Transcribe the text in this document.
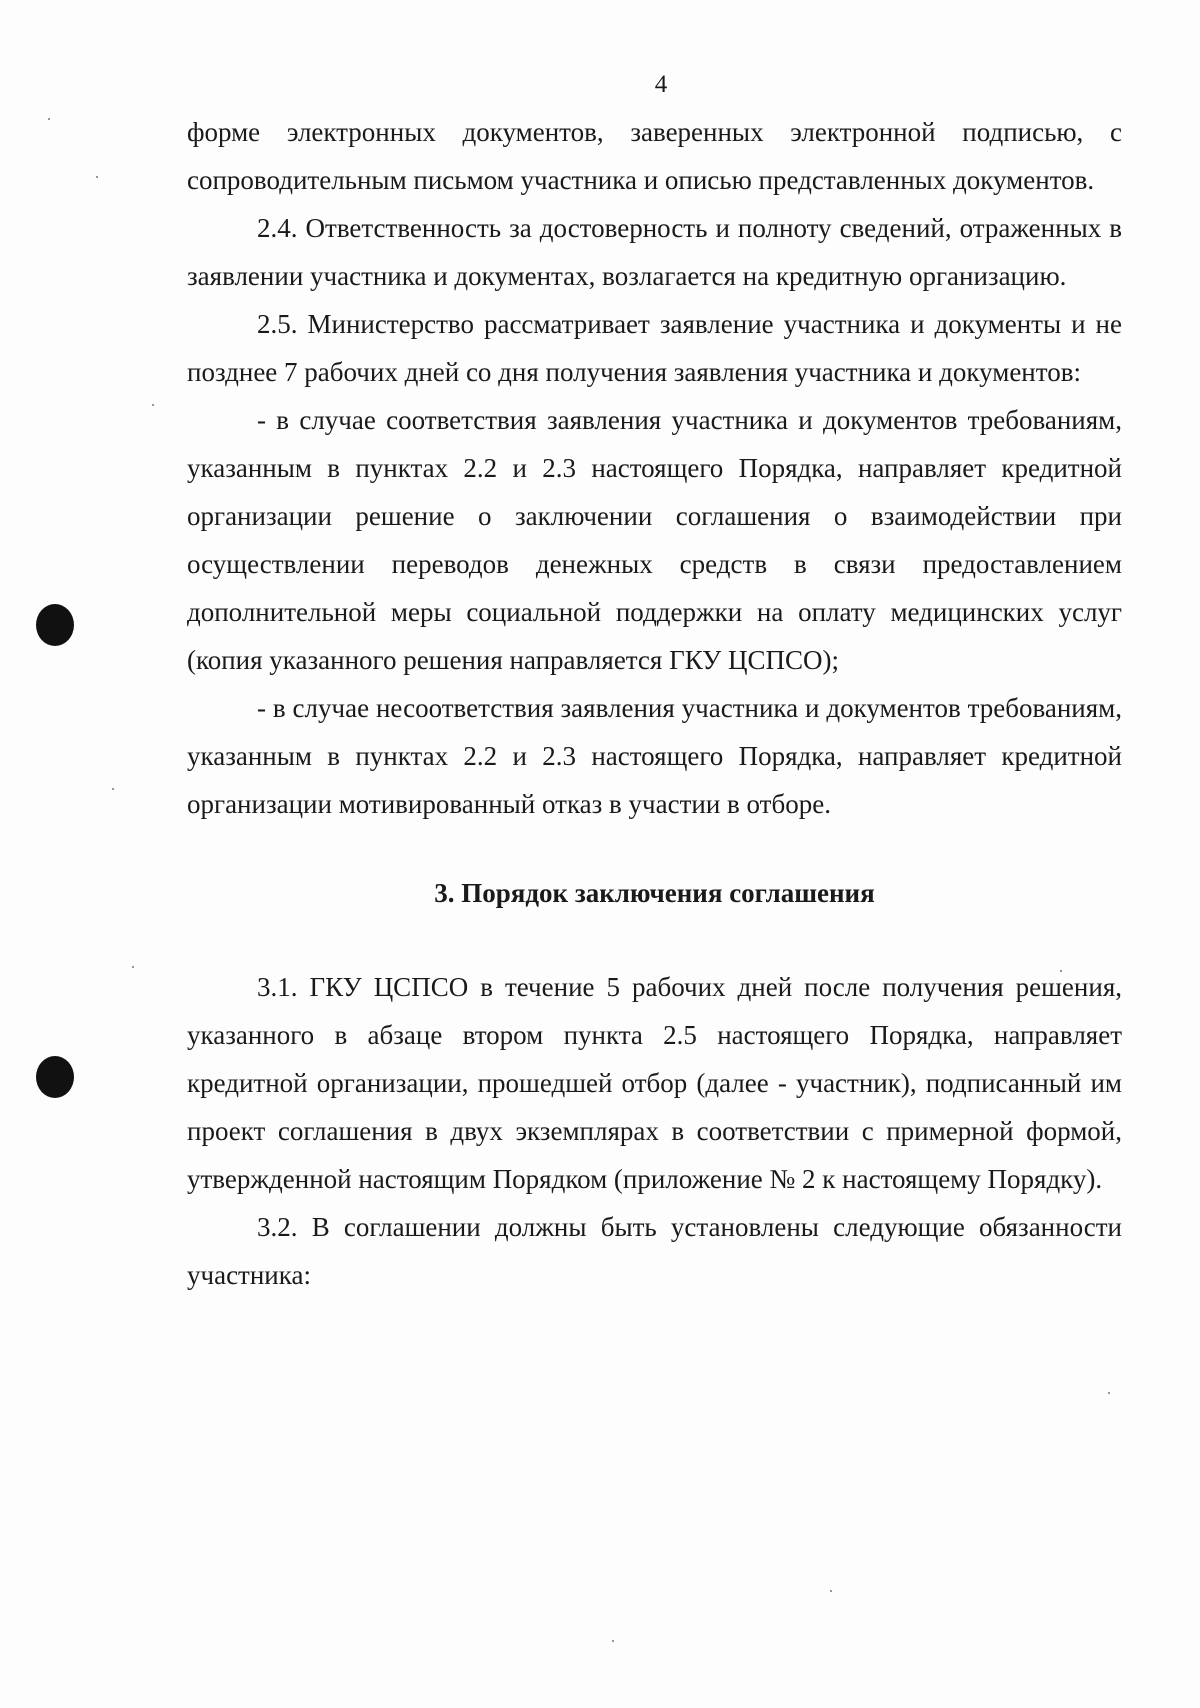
4

форме электронных документов, заверенных электронной подписью, с сопроводительным письмом участника и описью представленных документов.

2.4. Ответственность за достоверность и полноту сведений, отраженных в заявлении участника и документах, возлагается на кредитную организацию.

2.5. Министерство рассматривает заявление участника и документы и не позднее 7 рабочих дней со дня получения заявления участника и документов:

- в случае соответствия заявления участника и документов требованиям, указанным в пунктах 2.2 и 2.3 настоящего Порядка, направляет кредитной организации решение о заключении соглашения о взаимодействии при осуществлении переводов денежных средств в связи предоставлением дополнительной меры социальной поддержки на оплату медицинских услуг (копия указанного решения направляется ГКУ ЦСПСО);

- в случае несоответствия заявления участника и документов требованиям, указанным в пунктах 2.2 и 2.3 настоящего Порядка, направляет кредитной организации мотивированный отказ в участии в отборе.

3. Порядок заключения соглашения

3.1. ГКУ ЦСПСО в течение 5 рабочих дней после получения решения, указанного в абзаце втором пункта 2.5 настоящего Порядка, направляет кредитной организации, прошедшей отбор (далее - участник), подписанный им проект соглашения в двух экземплярах в соответствии с примерной формой, утвержденной настоящим Порядком (приложение № 2 к настоящему Порядку).

3.2. В соглашении должны быть установлены следующие обязанности участника:
